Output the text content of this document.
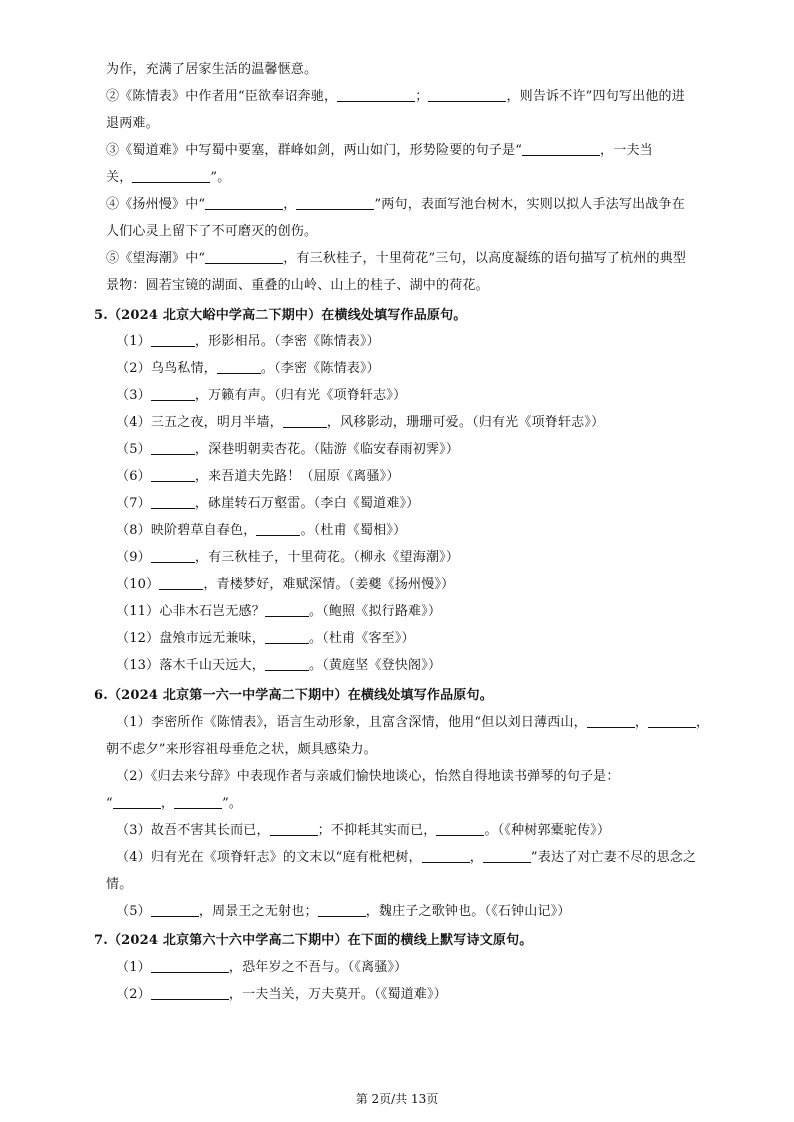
为作，充满了居家生活的温馨惬意。
②《陈情表》中作者用“臣欲奉诏奔驰，	；	，则告诉不许”四句写出他的进
退两难。
③《蜀道难》中写蜀中要塞，群峰如剑，两山如门，形势险要的句子是“	，一夫当
关，	”。
④《扬州慢》中“	，	”两句，表面写池台树木，实则以拟人手法写出战争在
人们心灵上留下了不可磨灭的创伤。
⑤《望海潮》中“	，有三秋桂子，十里荷花”三句，以高度凝练的语句描写了杭州的典型
景物：圆若宝镜的湖面、重叠的山岭、山上的桂子、湖中的荷花。
5.（2024 北京大峪中学高二下期中）在横线处填写作品原句。
（1）	，形影相吊。（李密《陈情表》）
（2）乌鸟私情，	。（李密《陈情表》）
（3）	，万籁有声。（归有光《项脊轩志》）
（4）三五之夜，明月半墙，	，风移影动，珊珊可爱。（归有光《项脊轩志》）
（5）	，深巷明朝卖杏花。（陆游《临安春雨初霁》）
（6）	，来吾道夫先路！（屈原《离骚》）
（7）	，砯崖转石万壑雷。（李白《蜀道难》）
（8）映阶碧草自春色，	。（杜甫《蜀相》）
（9）	，有三秋桂子，十里荷花。（柳永《望海潮》）
（10）	，青楼梦好，难赋深情。（姜夔《扬州慢》）
（11）心非木石岂无感？	。（鲍照《拟行路难》）
（12）盘飧市远无兼味，	。（杜甫《客至》）
（13）落木千山天远大，	。（黄庭坚《登快阁》）
6.（2024 北京第一六一中学高二下期中）在横线处填写作品原句。
（1）李密所作《陈情表》，语言生动形象，且富含深情，他用“但以刘日薄西山，	，	，
朝不虑夕”来形容祖母垂危之状，颇具感染力。
（2）《归去来兮辞》中表现作者与亲戚们愉快地谈心，怡然自得地读书弹琴的句子是：
“	，	”。
（3）故吾不害其长而已，	；不抑耗其实而已，	。（《种树郭橐驼传》）
（4）归有光在《项脊轩志》的文末以“庭有枇杷树，	，	”表达了对亡妻不尽的思念之
情。
（5）	，周景王之无射也；	，魏庄子之歌钟也。（《石钟山记》）
7.（2024 北京第六十六中学高二下期中）在下面的横线上默写诗文原句。
（1）	，恐年岁之不吾与。（《离骚》）
（2）	，一夫当关，万夫莫开。（《蜀道难》）
第 2页/共 13页
